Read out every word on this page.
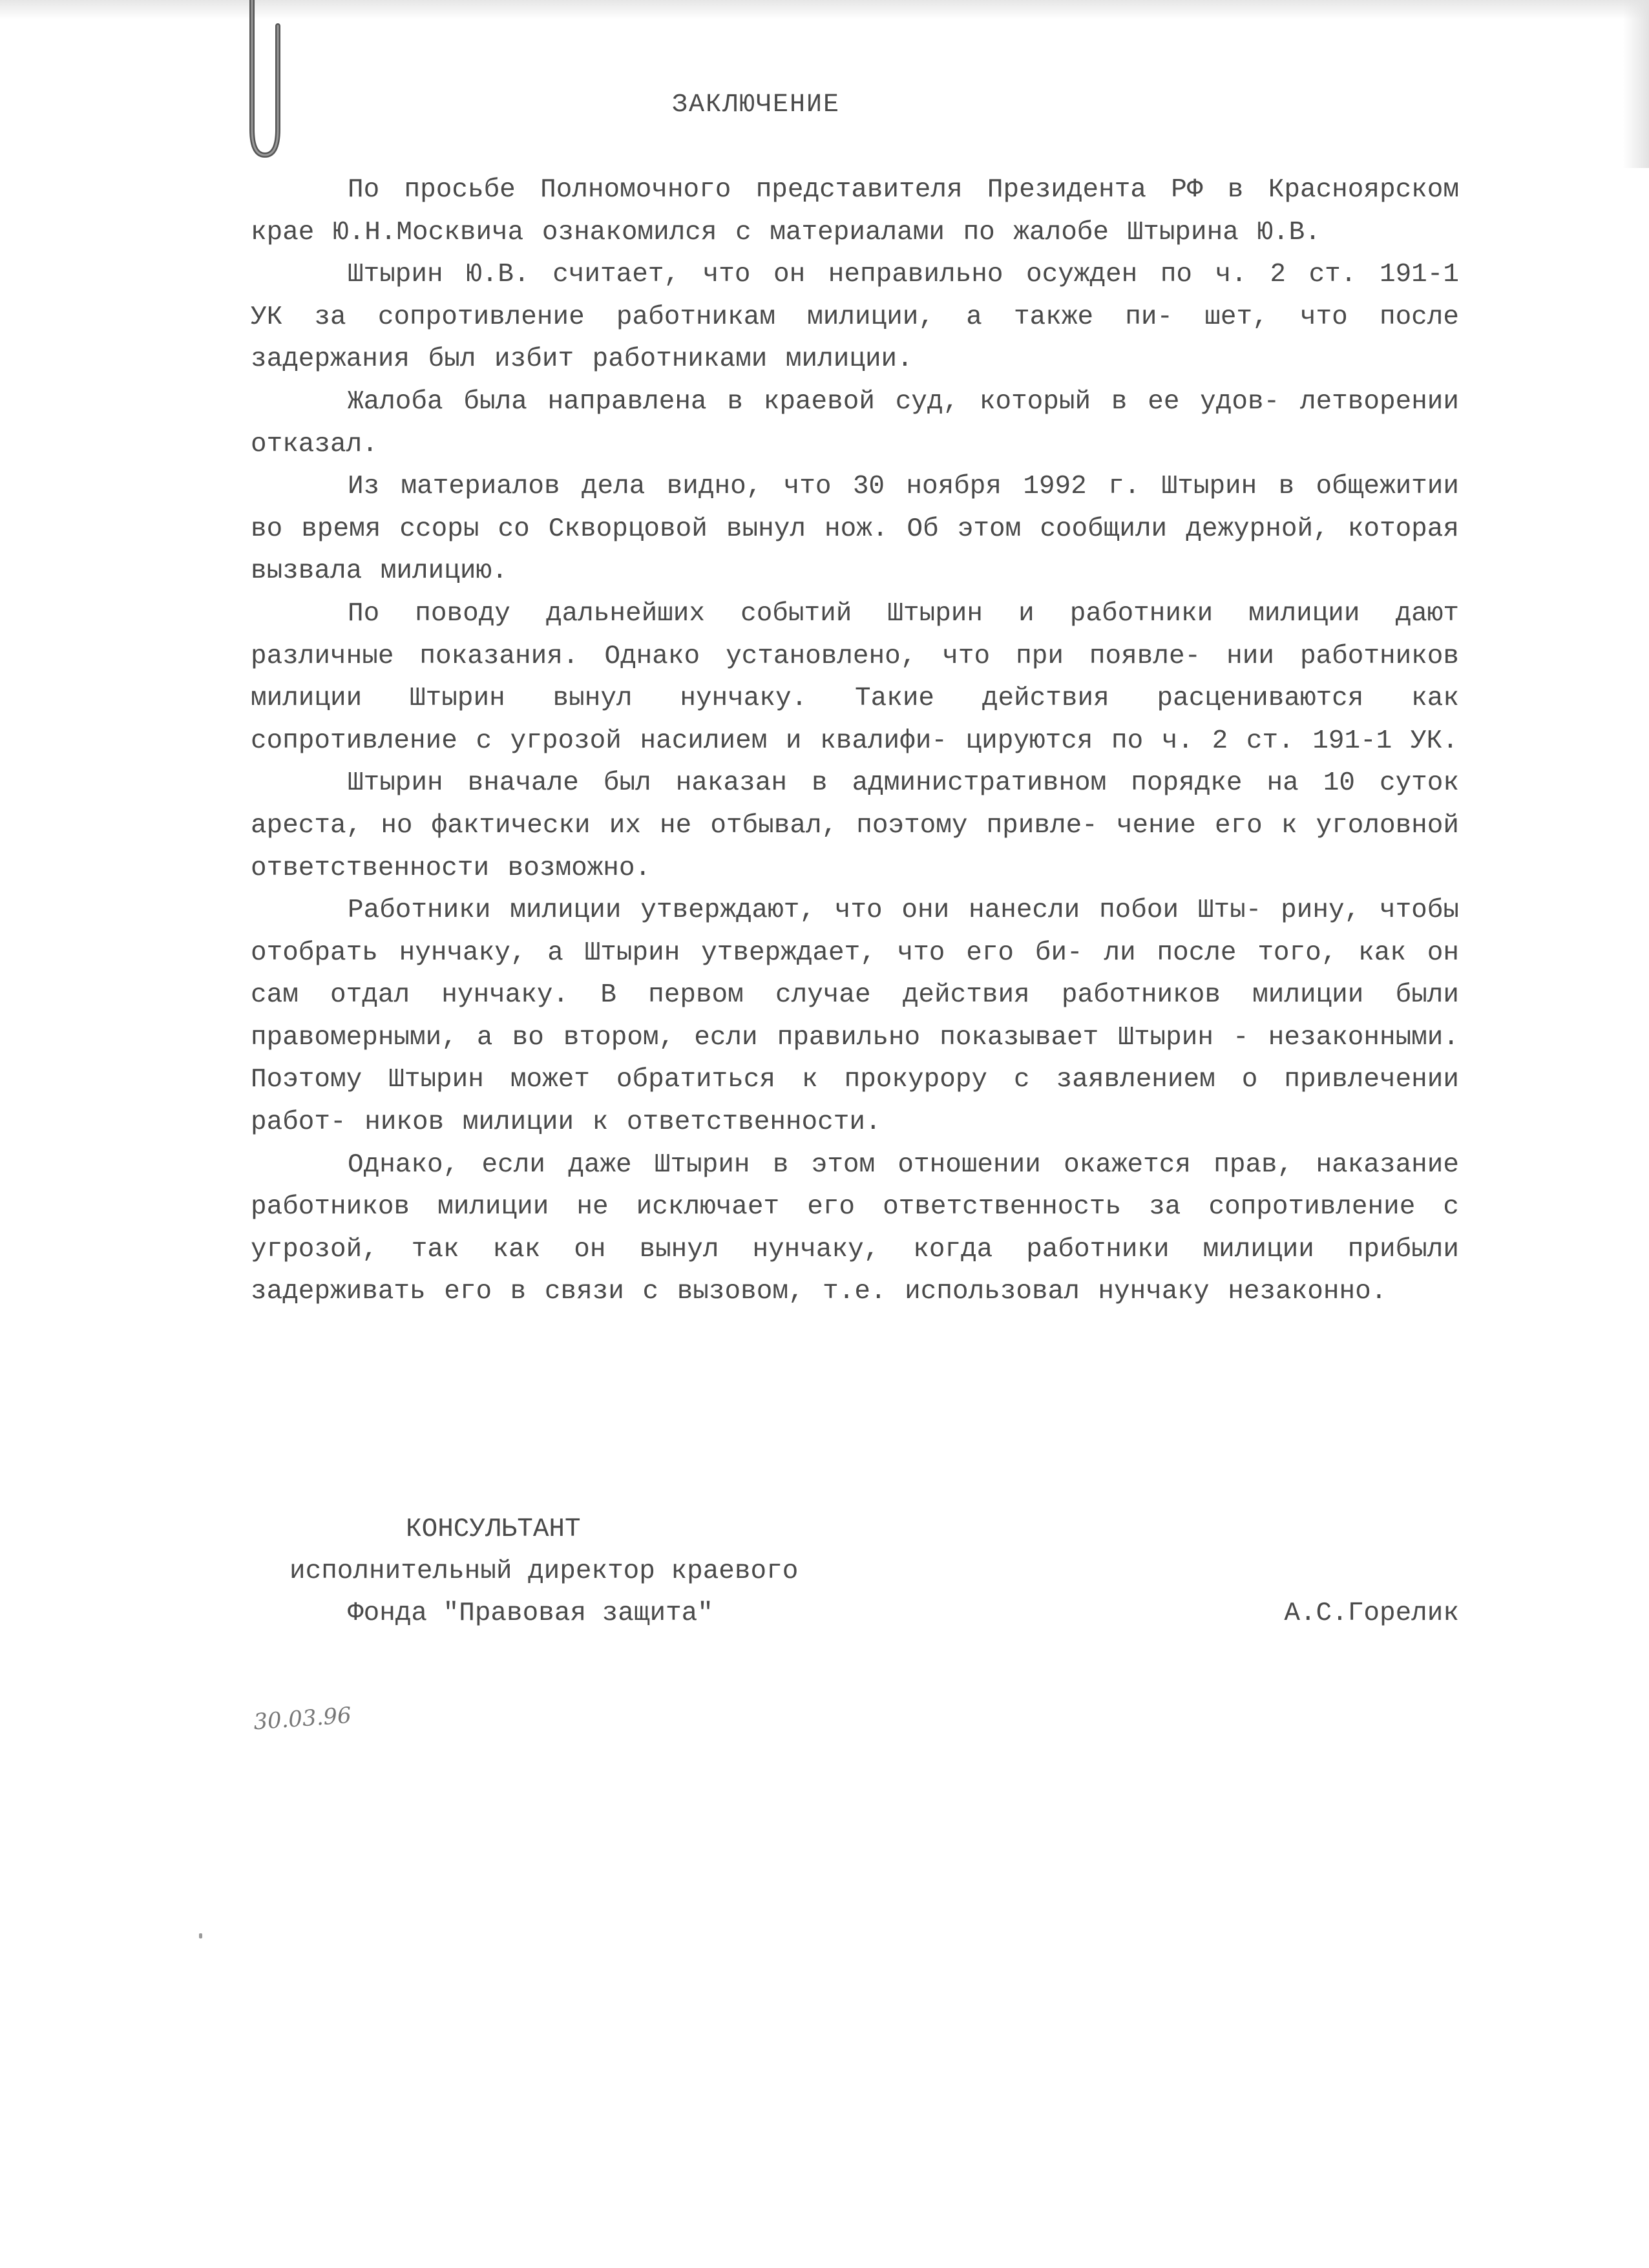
ЗАКЛЮЧЕНИЕ

По просьбе Полномочного представителя Президента РФ в Красноярском крае Ю.Н.Москвича ознакомился с материалами по жалобе Штырина Ю.В.

Штырин Ю.В. считает, что он неправильно осужден по ч. 2 ст. 191-1 УК за сопротивление работникам милиции, а также пи- шет, что после задержания был избит работниками милиции.

Жалоба была направлена в краевой суд, который в ее удов- летворении отказал.

Из материалов дела видно, что 30 ноября 1992 г. Штырин в общежитии во время ссоры со Скворцовой вынул нож. Об этом сообщили дежурной, которая вызвала милицию.

По поводу дальнейших событий Штырин и работники милиции дают различные показания. Однако установлено, что при появле- нии работников милиции Штырин вынул нунчаку. Такие действия расцениваются как сопротивление с угрозой насилием и квалифи- цируются по ч. 2 ст. 191-1 УК.

Штырин вначале был наказан в административном порядке на 10 суток ареста, но фактически их не отбывал, поэтому привле- чение его к уголовной ответственности возможно.

Работники милиции утверждают, что они нанесли побои Шты- рину, чтобы отобрать нунчаку, а Штырин утверждает, что его би- ли после того, как он сам отдал нунчаку. В первом случае действия работников милиции были правомерными, а во втором, если правильно показывает Штырин - незаконными. Поэтому Штырин может обратиться к прокурору с заявлением о привлечении работ- ников милиции к ответственности.

Однако, если даже Штырин в этом отношении окажется прав, наказание работников милиции не исключает его ответственность за сопротивление с угрозой, так как он вынул нунчаку, когда работники милиции прибыли задерживать его в связи с вызовом, т.е. использовал нунчаку незаконно.

КОНСУЛЬТАНТ
исполнительный директор краевого
Фонда "Правовая защита"	А.С.Горелик
30.03.96
